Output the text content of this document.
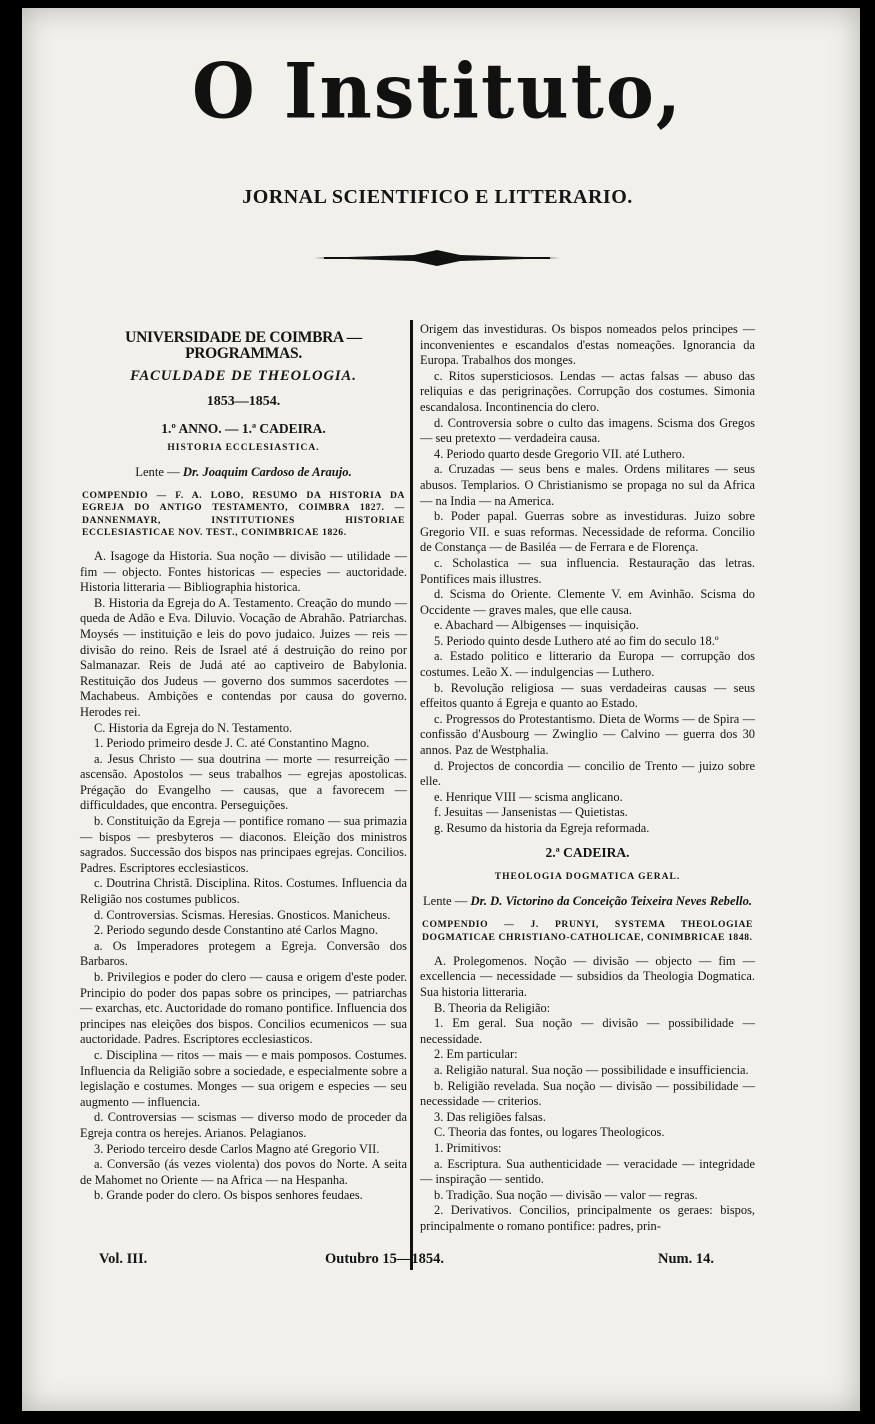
O Instituto,
JORNAL SCIENTIFICO E LITTERARIO.
UNIVERSIDADE DE COIMBRA — PROGRAMMAS.
FACULDADE DE THEOLOGIA.
1853—1854.
1.º ANNO. — 1.ª CADEIRA.
HISTORIA ECCLESIASTICA.
Lente — Dr. Joaquim Cardoso de Araujo.
COMPENDIO — F. A. LOBO, RESUMO DA HISTORIA DA EGREJA DO ANTIGO TESTAMENTO, COIMBRA 1827. — DANNENMAYR, INSTITUTIONES HISTORIAE ECCLESIASTICAE NOV. TEST., CONIMBRICAE 1826.

A. Isagoge da Historia. Sua noção — divisão — utilidade — fim — objecto. Fontes historicas — especies — auctoridade. Historia litteraria — Bibliographia historica.

B. Historia da Egreja do A. Testamento. Creação do mundo — queda de Adão e Eva. Diluvio. Vocação de Abrahão. Patriarchas. Moysés — instituição e leis do povo judaico. Juizes — reis — divisão do reino. Reis de Israel até á destruição do reino por Salmanazar. Reis de Judá até ao captiveiro de Babylonia. Restituição dos Judeus — governo dos summos sacerdotes — Machabeus. Ambições e contendas por causa do governo. Herodes rei.

C. Historia da Egreja do N. Testamento.

1. Periodo primeiro desde J. C. até Constantino Magno.

a. Jesus Christo — sua doutrina — morte — resurreição — ascensão. Apostolos — seus trabalhos — egrejas apostolicas. Prégação do Evangelho — causas, que a favorecem — difficuldades, que encontra. Perseguições.

b. Constituição da Egreja — pontifice romano — sua primazia — bispos — presbyteros — diaconos. Eleição dos ministros sagrados. Successão dos bispos nas principaes egrejas. Concilios. Padres. Escriptores ecclesiasticos.

c. Doutrina Christã. Disciplina. Ritos. Costumes. Influencia da Religião nos costumes publicos.

d. Controversias. Scismas. Heresias. Gnosticos. Manicheus.

2. Periodo segundo desde Constantino até Carlos Magno.

a. Os Imperadores protegem a Egreja. Conversão dos Barbaros.

b. Privilegios e poder do clero — causa e origem d'este poder. Principio do poder dos papas sobre os principes, — patriarchas — exarchas, etc. Auctoridade do romano pontifice. Influencia dos principes nas eleições dos bispos. Concilios ecumenicos — sua auctoridade. Padres. Escriptores ecclesiasticos.

c. Disciplina — ritos — mais — e mais pomposos. Costumes. Influencia da Religião sobre a sociedade, e especialmente sobre a legislação e costumes. Monges — sua origem e especies — seu augmento — influencia.

d. Controversias — scismas — diverso modo de proceder da Egreja contra os herejes. Arianos. Pelagianos.

3. Periodo terceiro desde Carlos Magno até Gregorio VII.

a. Conversão (ás vezes violenta) dos povos do Norte. A seita de Mahomet no Oriente — na Africa — na Hespanha.

b. Grande poder do clero. Os bispos senhores feudaes.

Origem das investiduras. Os bispos nomeados pelos principes — inconvenientes e escandalos d'estas nomeações. Ignorancia da Europa. Trabalhos dos monges.

c. Ritos supersticiosos. Lendas — actas falsas — abuso das reliquias e das perigrinações. Corrupção dos costumes. Simonia escandalosa. Incontinencia do clero.

d. Controversia sobre o culto das imagens. Scisma dos Gregos — seu pretexto — verdadeira causa.

4. Periodo quarto desde Gregorio VII. até Luthero.

a. Cruzadas — seus bens e males. Ordens militares — seus abusos. Templarios. O Christianismo se propaga no sul da Africa — na India — na America.

b. Poder papal. Guerras sobre as investiduras. Juizo sobre Gregorio VII. e suas reformas. Necessidade de reforma. Concilio de Constança — de Basiléa — de Ferrara e de Florença.

c. Scholastica — sua influencia. Restauração das letras. Pontifices mais illustres.

d. Scisma do Oriente. Clemente V. em Avinhão. Scisma do Occidente — graves males, que elle causa.

e. Abachard — Albigenses — inquisição.

5. Periodo quinto desde Luthero até ao fim do seculo 18.º

a. Estado politico e litterario da Europa — corrupção dos costumes. Leão X. — indulgencias — Luthero.

b. Revolução religiosa — suas verdadeiras causas — seus effeitos quanto á Egreja e quanto ao Estado.

c. Progressos do Protestantismo. Dieta de Worms — de Spira — confissão d'Ausbourg — Zwinglio — Calvino — guerra dos 30 annos. Paz de Westphalia.

d. Projectos de concordia — concilio de Trento — juizo sobre elle.

e. Henrique VIII — scisma anglicano.

f. Jesuitas — Jansenistas — Quietistas.

g. Resumo da historia da Egreja reformada.

2.ª CADEIRA.
THEOLOGIA DOGMATICA GERAL.
Lente — Dr. D. Victorino da Conceição Teixeira Neves Rebello.
COMPENDIO — J. PRUNYI, SYSTEMA THEOLOGIAE DOGMATICAE CHRISTIANO-CATHOLICAE, CONIMBRICAE 1848.

A. Prolegomenos. Noção — divisão — objecto — fim — excellencia — necessidade — subsidios da Theologia Dogmatica. Sua historia litteraria.

B. Theoria da Religião:

1. Em geral. Sua noção — divisão — possibilidade — necessidade.

2. Em particular:

a. Religião natural. Sua noção — possibilidade e insufficiencia.

b. Religião revelada. Sua noção — divisão — possibilidade — necessidade — criterios.

3. Das religiões falsas.

C. Theoria das fontes, ou logares Theologicos.

1. Primitivos:

a. Escriptura. Sua authenticidade — veracidade — integridade — inspiração — sentido.

b. Tradição. Sua noção — divisão — valor — regras.

2. Derivativos. Concilios, principalmente os geraes: bispos, principalmente o romano pontifice: padres, prin-

Vol. III.	Outubro 15—1854.	Num. 14.
